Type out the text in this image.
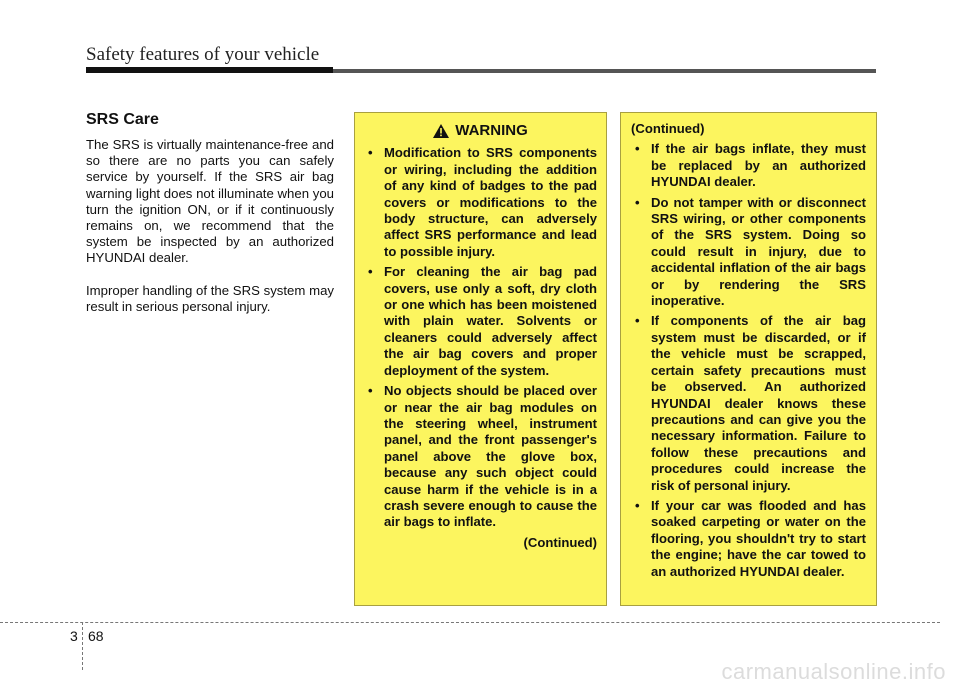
Safety features of your vehicle
SRS Care

The SRS is virtually maintenance-free and so there are no parts you can safely service by yourself. If the SRS air bag warning light does not illuminate when you turn the ignition ON, or if it continuously remains on, we recommend that the system be inspected by an authorized HYUNDAI dealer.

Improper handling of the SRS system may result in serious personal injury.

WARNING
• Modification to SRS components or wiring, including the addition of any kind of badges to the pad covers or modifications to the body structure, can adversely affect SRS performance and lead to possible injury.
• For cleaning the air bag pad covers, use only a soft, dry cloth or one which has been moistened with plain water. Solvents or cleaners could adversely affect the air bag covers and proper deployment of the system.
• No objects should be placed over or near the air bag modules on the steering wheel, instrument panel, and the front passenger's panel above the glove box, because any such object could cause harm if the vehicle is in a crash severe enough to cause the air bags to inflate.
(Continued)
(Continued)
• If the air bags inflate, they must be replaced by an authorized HYUNDAI dealer.
• Do not tamper with or disconnect SRS wiring, or other components of the SRS system. Doing so could result in injury, due to accidental inflation of the air bags or by rendering the SRS inoperative.
• If components of the air bag system must be discarded, or if the vehicle must be scrapped, certain safety precautions must be observed. An authorized HYUNDAI dealer knows these precautions and can give you the necessary information. Failure to follow these precautions and procedures could increase the risk of personal injury.
• If your car was flooded and has soaked carpeting or water on the flooring, you shouldn't try to start the engine; have the car towed to an authorized HYUNDAI dealer.
3 68
carmanualsonline.info
